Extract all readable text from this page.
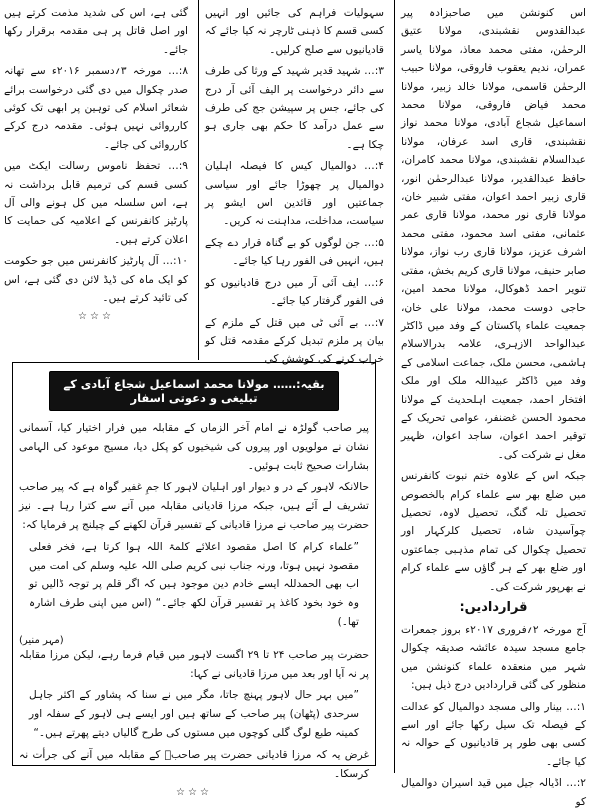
اس کنونشن میں صاحبزادہ پیر عبدالقدوس نقشبندی، مولانا عتیق الرحمٰن، مفتی محمد معاذ، مولانا یاسر عمران، ندیم یعقوب فاروقی، مولانا حبیب الرحمٰن قاسمی، مولانا خالد زبیر، مولانا محمد فیاض فاروقی، مولانا محمد اسماعیل شجاع آبادی، مولانا محمد نواز نقشبندی، قاری اسد عرفان، مولانا عبدالسلام نقشبندی، مولانا محمد کامران، حافظ عبدالقدیر، مولانا عبدالرحمٰن انور، قاری زبیر احمد اعوان، مفتی شبیر خان، مولانا قاری نور محمد، مولانا قاری عمر عثمانی، مفتی اسد محمود، مفتی محمد اشرف عزیز، مولانا قاری رب نواز، مولانا صابر حنیف، مولانا قاری کریم بخش، مفتی تنویر احمد ڈھوکال، مولانا محمد امین، حاجی دوست محمد، مولانا علی خان، جمعیت علماء پاکستان کے وفد میں ڈاکٹر عبدالواحد الازہری، علامہ بدرالاسلام ہاشمی، محسن ملک، جماعت اسلامی کے وفد میں ڈاکٹر عبیداللہ ملک اور ملک افتخار احمد، جمعیت اہلحدیث کے مولانا محمود الحسن غضنفر، عوامی تحریک کے توقیر احمد اعوان، ساجد اعوان، ظہیر مغل نے شرکت کی۔

جبکہ اس کے علاوہ ختم نبوت کانفرنس میں ضلع بھر سے علماء کرام بالخصوص تحصیل تلہ گنگ، تحصیل لاوہ، تحصیل چوآسیدن شاہ، تحصیل کلرکہار اور تحصیل چکوال کی تمام مذہبی جماعتوں اور ضلع بھر کے ہر گاؤں سے علماء کرام نے بھرپور شرکت کی۔

قراردادیں:

آج مورخہ ۲؍فروری ۲۰۱۷ء بروز جمعرات جامع مسجد سیدہ عائشہ صدیقہ چکوال شہر میں منعقدہ علماء کنونشن میں منظور کی گئی قراردادیں درج ذیل ہیں:

۱:… بینار والی مسجد دوالمیال کو عدالت کے فیصلہ تک سیل رکھا جائے اور اسے کسی بھی طور پر قادیانیوں کے حوالہ نہ کیا جائے۔

۲:… اڈیالہ جیل میں قید اسیران دوالمیال کو

سہولیات فراہم کی جائیں اور انہیں کسی قسم کا ذہنی ٹارچر نہ کیا جائے کہ قادیانیوں سے صلح کرلیں۔

۳:… شہید قدیر شہید کے ورثا کی طرف سے دائر درخواست پر الیف آئی آر درج کی جائے، جس پر سپیشن جج کی طرف سے عمل درآمد کا حکم بھی جاری ہو چکا ہے۔

۴:… دوالمیال کیس کا فیصلہ اہلیان دوالمیال پر چھوڑا جائے اور سیاسی جماعتیں اور قائدین اس ایشو پر سیاست، مداخلت، مداہنت نہ کریں۔

۵:… جن لوگوں کو بے گناہ قرار دے چکے ہیں، انہیں فی الفور رہا کیا جائے۔

۶:… ایف آئی آر میں درج قادیانیوں کو فی الفور گرفتار کیا جائے۔

۷:… بے آئی ٹی میں قتل کے ملزم کے بیان پر ملزم تبدیل کرکے مقدمہ قتل کو خراب کرنے کی کوشش کی

گئی ہے، اس کی شدید مذمت کرتے ہیں اور اصل قاتل پر ہی مقدمہ برقرار رکھا جائے۔

۸:… مورخہ ۳؍دسمبر ۲۰۱۶ء سے تھانہ صدر چکوال میں دی گئی درخواست برائے شعائر اسلام کی توہین پر ابھی تک کوئی کارروائی نہیں ہوئی۔ مقدمہ درج کرکے کارروائی کی جائے۔

۹:… تحفظ ناموس رسالت ایکٹ میں کسی قسم کی ترمیم قابل برداشت نہ ہے، اس سلسلہ میں کل ہونے والی آل پارٹیز کانفرنس کے اعلامیہ کی حمایت کا اعلان کرتے ہیں۔

۱۰:… آل پارٹیز کانفرنس میں جو حکومت کو ایک ماہ کی ڈیڈ لائن دی گئی ہے، اس کی تائید کرتے ہیں۔

☆☆☆
بقیہ:…… مولانا محمد اسماعیل شجاع آبادی کے تبلیغی و دعوتی اسفار

پیر صاحب گولڑہ نے امام آخر الزماں کے مقابلہ میں فرار اختیار کیا، آسمانی نشان نے مولویوں اور پیروں کی شیخیوں کو پکل دیا، مسیح موعود کی الہامی بشارات صحیح ثابت ہوئیں۔

حالانکہ لاہور کے در و دیوار اور اہلیان لاہور کا جمِ غفیر گواہ ہے کہ پیر صاحب تشریف لے آئے ہیں، جبکہ مرزا قادیانی مقابلہ میں آنے سے کترا رہا ہے۔ نیز حضرت پیر صاحب نے مرزا قادیانی کے تفسیر قرآن لکھنے کے چیلنج پر فرمایا کہ:

”علماء کرام کا اصل مقصود اعلائے کلمۃ اللہ ہوا کرتا ہے، فخر فعلی مقصود نہیں ہوتا، ورنہ جناب نبی کریم صلی اللہ علیہ وسلم کی امت میں اب بھی الحمدللہ ایسے خادم دین موجود ہیں کہ اگر قلم پر توجہ ڈالیں تو وہ خود بخود کاغذ پر تفسیر قرآن لکھ جائے۔“ (اس میں اپنی طرف اشارہ تھا۔)

(مہر منیر)

حضرت پیر صاحب ۲۴ تا ۲۹ اگست لاہور میں قیام فرما رہے، لیکن مرزا مقابلہ پر نہ آیا اور بعد میں مرزا قادیانی نے کہا:

”میں بہر حال لاہور پہنچ جاتا، مگر میں نے سنا کہ پشاور کے اکثر جاہل سرحدی (پٹھان) پیر صاحب کے ساتھ ہیں اور ایسے ہی لاہور کے سفلہ اور کمینہ طبع لوگ گلی کوچوں میں مستوں کی طرح گالیاں دیتے پھرتے ہیں۔“

غرض یہ کہ مرزا قادیانی حضرت پیر صاحبؒ کے مقابلہ میں آنے کی جرأت نہ کرسکا۔

☆☆☆
